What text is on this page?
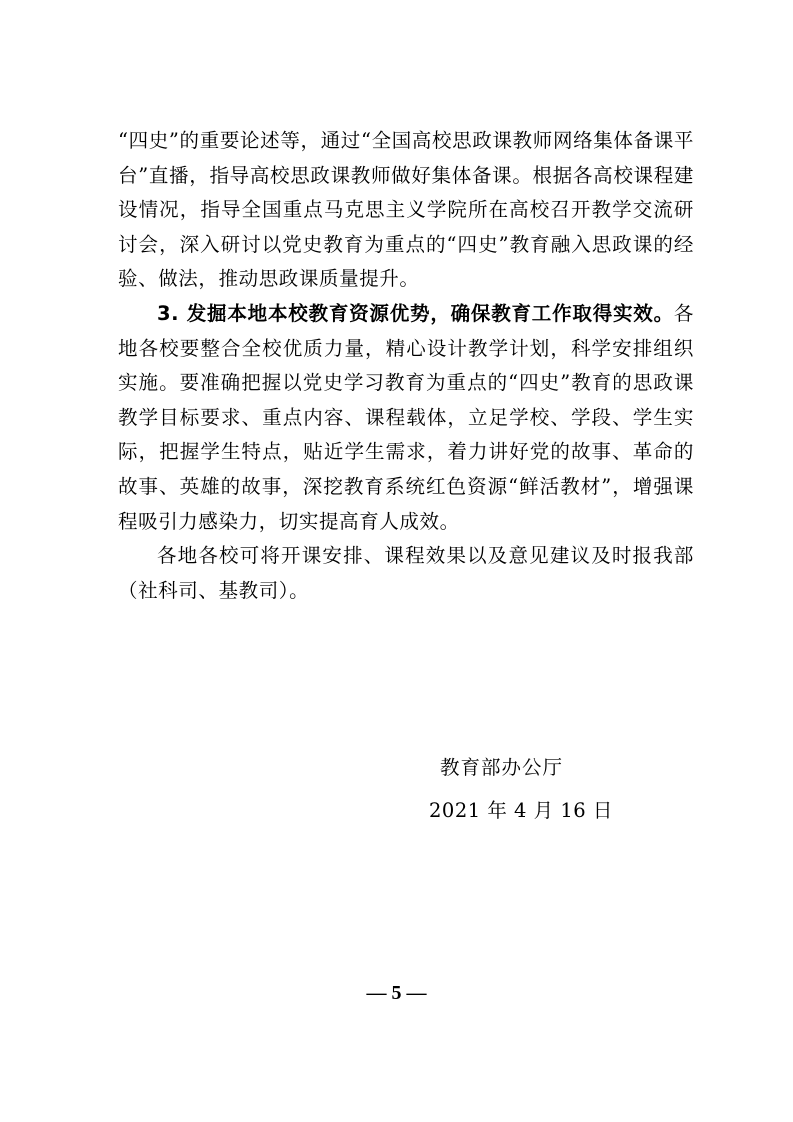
“四史”的重要论述等，通过“全国高校思政课教师网络集体备课平台”直播，指导高校思政课教师做好集体备课。根据各高校课程建设情况，指导全国重点马克思主义学院所在高校召开教学交流研讨会，深入研讨以党史教育为重点的“四史”教育融入思政课的经验、做法，推动思政课质量提升。

3. 发掘本地本校教育资源优势，确保教育工作取得实效。各地各校要整合全校优质力量，精心设计教学计划，科学安排组织实施。要准确把握以党史学习教育为重点的“四史”教育的思政课教学目标要求、重点内容、课程载体，立足学校、学段、学生实际，把握学生特点，贴近学生需求，着力讲好党的故事、革命的故事、英雄的故事，深挖教育系统红色资源“鲜活教材”，增强课程吸引力感染力，切实提高育人成效。

各地各校可将开课安排、课程效果以及意见建议及时报我部（社科司、基教司）。

教育部办公厅
2021 年 4 月 16 日
— 5 —
